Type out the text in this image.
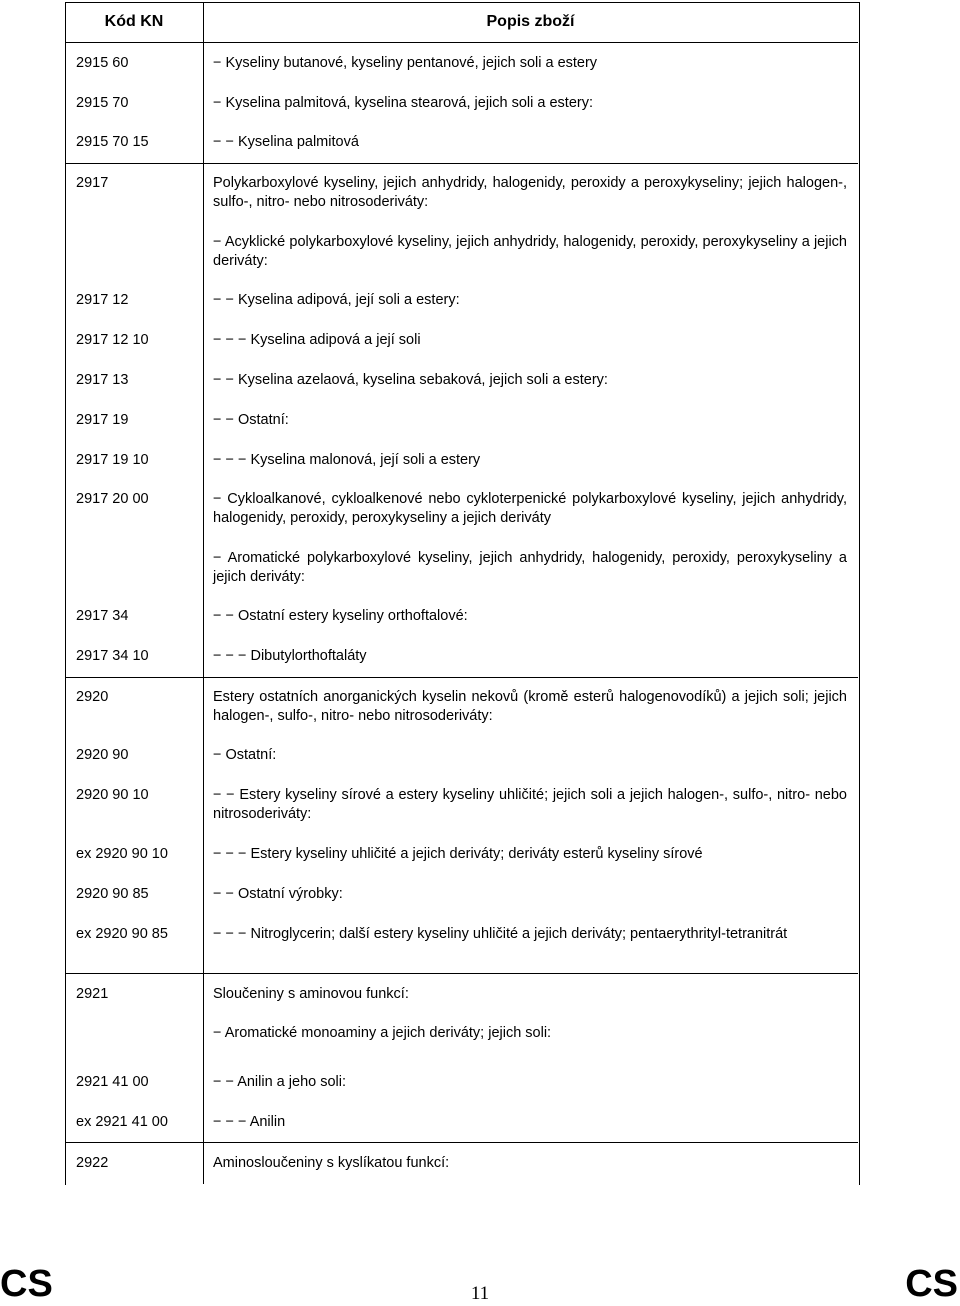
Kód KN	Popis zboží
2915 60	− Kyseliny butanové, kyseliny pentanové, jejich soli a estery
2915 70	− Kyselina palmitová, kyselina stearová, jejich soli a estery:
2915 70 15	− − Kyselina palmitová
2917	Polykarboxylové kyseliny, jejich anhydridy, halogenidy, peroxidy a peroxykyseliny; jejich halogen-, sulfo-, nitro- nebo nitrosoderiváty:
− Acyklické polykarboxylové kyseliny, jejich anhydridy, halogenidy, peroxidy, peroxykyseliny a jejich deriváty:
2917 12	− − Kyselina adipová, její soli a estery:
2917 12 10	− − − Kyselina adipová a její soli
2917 13	− − Kyselina azelaová, kyselina sebaková, jejich soli a estery:
2917 19	− − Ostatní:
2917 19 10	− − − Kyselina malonová, její soli a estery
2917 20 00	− Cykloalkanové, cykloalkenové nebo cykloterpenické polykarboxylové kyseliny, jejich anhydridy, halogenidy, peroxidy, peroxykyseliny a jejich deriváty
− Aromatické polykarboxylové kyseliny, jejich anhydridy, halogenidy, peroxidy, peroxykyseliny a jejich deriváty:
2917 34	− − Ostatní estery kyseliny orthoftalové:
2917 34 10	− − − Dibutylorthoftaláty
2920	Estery ostatních anorganických kyselin nekovů (kromě esterů halogenovodíků) a jejich soli; jejich halogen-, sulfo-, nitro- nebo nitrosoderiváty:
2920 90	− Ostatní:
2920 90 10	− − Estery kyseliny sírové a estery kyseliny uhličité; jejich soli a jejich halogen-, sulfo-, nitro- nebo nitrosoderiváty:
ex 2920 90 10	− − − Estery kyseliny uhličité a jejich deriváty; deriváty esterů kyseliny sírové
2920 90 85	− − Ostatní výrobky:
ex 2920 90 85	− − − Nitroglycerin; další estery kyseliny uhličité a jejich deriváty; pentaerythrityl-tetranitrát
2921	Sloučeniny s aminovou funkcí:
− Aromatické monoaminy a jejich deriváty; jejich soli:
2921 41 00	− − Anilin a jeho soli:
ex 2921 41 00	− − − Anilin
2922	Aminosloučeniny s kyslíkatou funkcí:
CS	11	CS
